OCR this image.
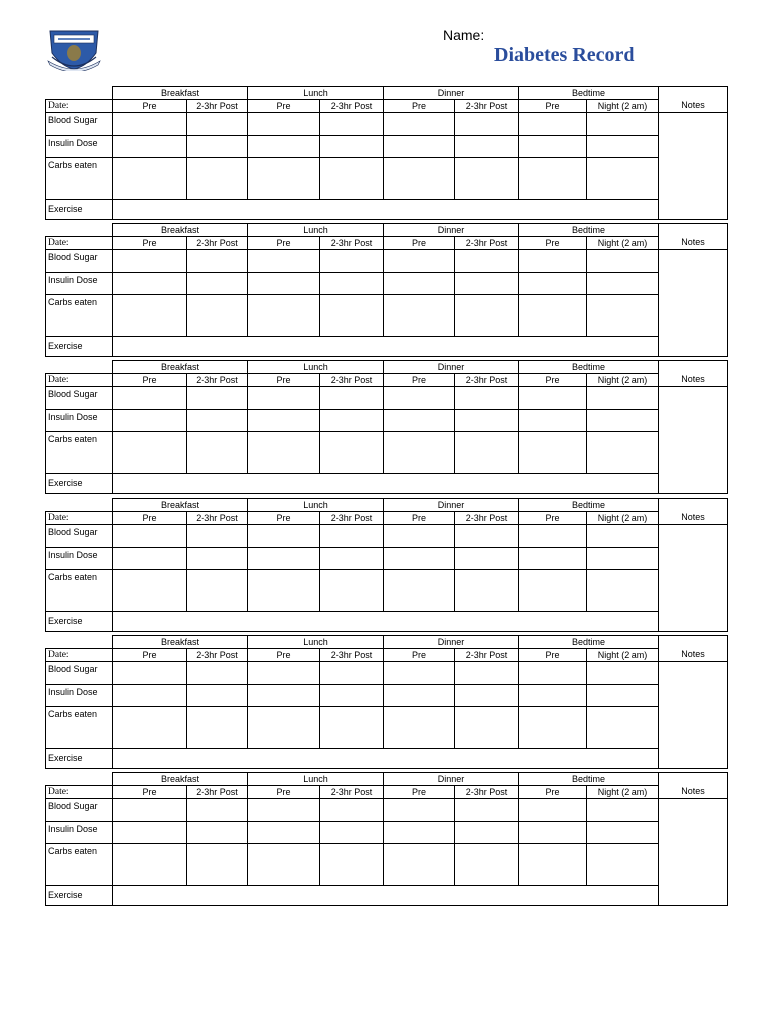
Name:
Diabetes Record
	Breakfast		Lunch		Dinner		Bedtime		
Date:	Pre	2-3hr Post	Pre	2-3hr Post	Pre	2-3hr Post	Pre	Night (2 am)	Notes
Blood Sugar									
Insulin Dose									
Carbs eaten									
Exercise									
	Breakfast		Lunch		Dinner		Bedtime		
Date:	Pre	2-3hr Post	Pre	2-3hr Post	Pre	2-3hr Post	Pre	Night (2 am)	Notes
Blood Sugar									
Insulin Dose									
Carbs eaten									
Exercise									
	Breakfast		Lunch		Dinner		Bedtime		
Date:	Pre	2-3hr Post	Pre	2-3hr Post	Pre	2-3hr Post	Pre	Night (2 am)	Notes
Blood Sugar									
Insulin Dose									
Carbs eaten									
Exercise									
	Breakfast		Lunch		Dinner		Bedtime		
Date:	Pre	2-3hr Post	Pre	2-3hr Post	Pre	2-3hr Post	Pre	Night (2 am)	Notes
Blood Sugar									
Insulin Dose									
Carbs eaten									
Exercise									
	Breakfast		Lunch		Dinner		Bedtime		
Date:	Pre	2-3hr Post	Pre	2-3hr Post	Pre	2-3hr Post	Pre	Night (2 am)	Notes
Blood Sugar									
Insulin Dose									
Carbs eaten									
Exercise									
	Breakfast		Lunch		Dinner		Bedtime		
Date:	Pre	2-3hr Post	Pre	2-3hr Post	Pre	2-3hr Post	Pre	Night (2 am)	Notes
Blood Sugar									
Insulin Dose									
Carbs eaten									
Exercise									
